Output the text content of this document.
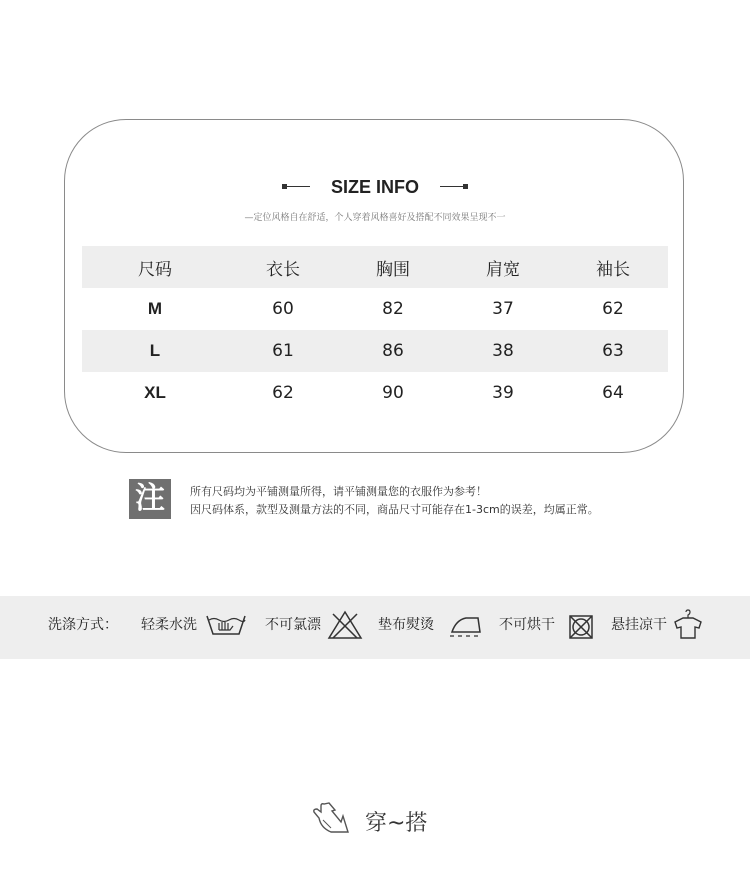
SIZE INFO
—定位风格自在舒适，个人穿着风格喜好及搭配不同效果呈现不一
尺码	衣长	胸围	肩宽	袖长
M	60	82	37	62
L	61	86	38	63
XL	62	90	39	64
注	所有尺码均为平铺测量所得，请平铺测量您的衣服作为参考！
因尺码体系，款型及测量方法的不同，商品尺寸可能存在1-3cm的误差，均属正常。
洗涤方式： 轻柔水洗	不可氯漂	垫布熨烫	不可烘干	悬挂凉干
穿~搭
